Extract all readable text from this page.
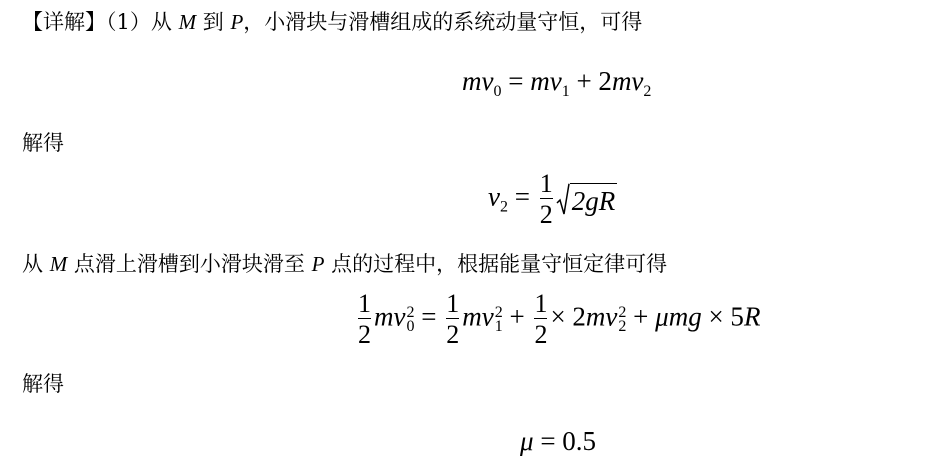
【详解】（1）从 M 到 P，小滑块与滑槽组成的系统动量守恒，可得
$mv_0 = mv_1 + 2mv_2$
解得
$v_2 = \frac{1}{2} 2gR$
从 M 点滑上滑槽到小滑块滑至 P 点的过程中，根据能量守恒定律可得
$\frac{1}{2}$ mv 2
$0 = \frac{1}{2}$ mv 2
$1 + \frac{1}{2} \times 2mv$ 2
2 + μmg × 5R
解得
μ = 0.5
